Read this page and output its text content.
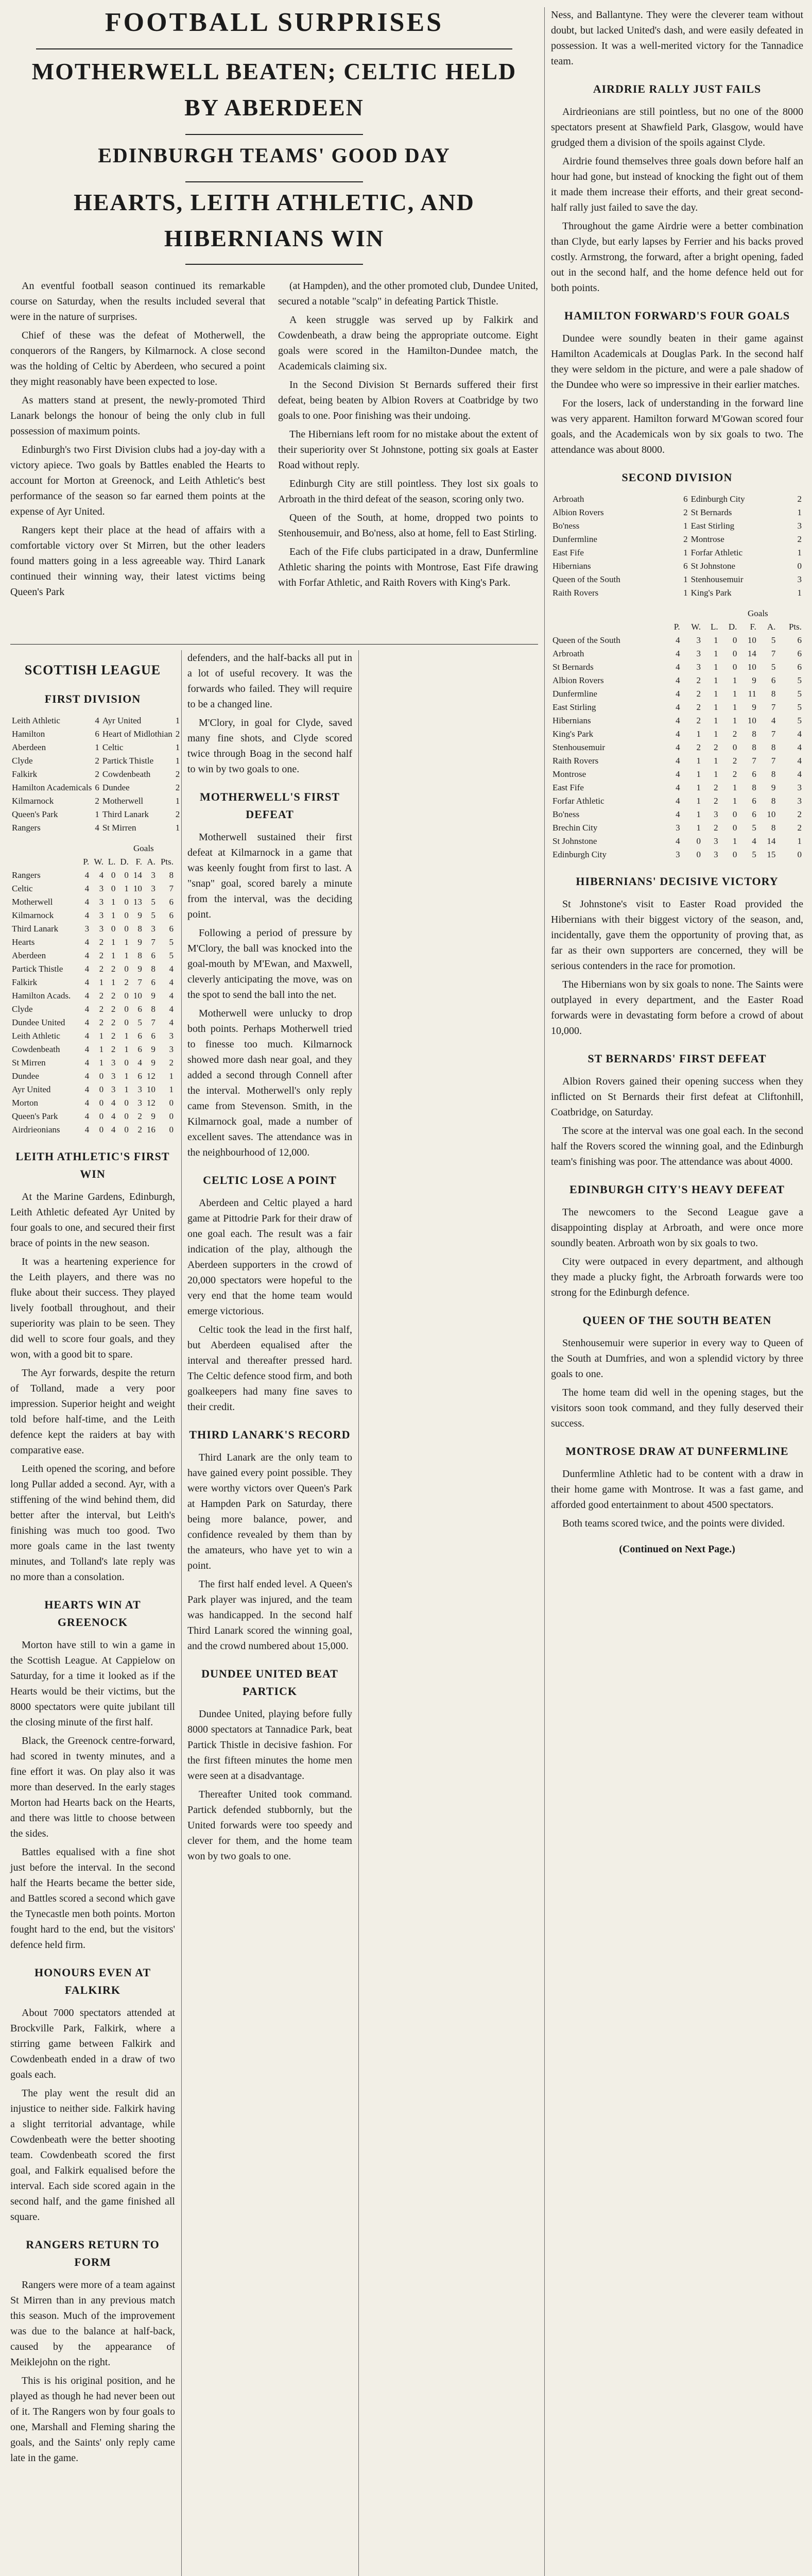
FOOTBALL SURPRISES
MOTHERWELL BEATEN; CELTIC HELD
BY ABERDEEN
EDINBURGH TEAMS' GOOD DAY
HEARTS, LEITH ATHLETIC, AND
HIBERNIANS WIN

An eventful football season continued its remarkable course on Saturday, when the results included several that were in the nature of surprises.

Chief of these was the defeat of Motherwell, the conquerors of the Rangers, by Kilmarnock. A close second was the holding of Celtic by Aberdeen, who secured a point they might reasonably have been expected to lose.

As matters stand at present, the newly-promoted Third Lanark belongs the honour of being the only club in full possession of maximum points.

Edinburgh's two First Division clubs had a joy-day with a victory apiece. Two goals by Battles enabled the Hearts to account for Morton at Greenock, and Leith Athletic's best performance of the season so far earned them points at the expense of Ayr United.

Rangers kept their place at the head of affairs with a comfortable victory over St Mirren, but the other leaders found matters going in a less agreeable way. Third Lanark continued their winning way, their latest victims being Queen's Park

(at Hampden), and the other promoted club, Dundee United, secured a notable "scalp" in defeating Partick Thistle.

A keen struggle was served up by Falkirk and Cowdenbeath, a draw being the appropriate outcome. Eight goals were scored in the Hamilton-Dundee match, the Academicals claiming six.

In the Second Division St Bernards suffered their first defeat, being beaten by Albion Rovers at Coatbridge by two goals to one. Poor finishing was their undoing.

The Hibernians left room for no mistake about the extent of their superiority over St Johnstone, potting six goals at Easter Road without reply.

Edinburgh City are still pointless. They lost six goals to Arbroath in the third defeat of the season, scoring only two.

Queen of the South, at home, dropped two points to Stenhousemuir, and Bo'ness, also at home, fell to East Stirling.

Each of the Fife clubs participated in a draw, Dunfermline Athletic sharing the points with Montrose, East Fife drawing with Forfar Athletic, and Raith Rovers with King's Park.

SCOTTISH LEAGUE
FIRST DIVISION
Leith Athletic	4	Ayr United	1
Hamilton	6	Heart of Midlothian	2
Aberdeen	1	Celtic	1
Clyde	2	Partick Thistle	1
Falkirk	2	Cowdenbeath	2
Hamilton Academicals	6	Dundee	2
Kilmarnock	2	Motherwell	1
Queen's Park	1	Third Lanark	2
Rangers	4	St Mirren	1
					Goals		
	P.	W.	L.	D.	F.	A.	Pts.
Rangers	4	4	0	0	14	3	8
Celtic	4	3	0	1	10	3	7
Motherwell	4	3	1	0	13	5	6
Kilmarnock	4	3	1	0	9	5	6
Third Lanark	3	3	0	0	8	3	6
Hearts	4	2	1	1	9	7	5
Aberdeen	4	2	1	1	8	6	5
Partick Thistle	4	2	2	0	9	8	4
Falkirk	4	1	1	2	7	6	4
Hamilton Acads.	4	2	2	0	10	9	4
Clyde	4	2	2	0	6	8	4
Dundee United	4	2	2	0	5	7	4
Leith Athletic	4	1	2	1	6	6	3
Cowdenbeath	4	1	2	1	6	9	3
St Mirren	4	1	3	0	4	9	2
Dundee	4	0	3	1	6	12	1
Ayr United	4	0	3	1	3	10	1
Morton	4	0	4	0	3	12	0
Queen's Park	4	0	4	0	2	9	0
Airdrieonians	4	0	4	0	2	16	0
LEITH ATHLETIC'S FIRST WIN

At the Marine Gardens, Edinburgh, Leith Athletic defeated Ayr United by four goals to one, and secured their first brace of points in the new season.

It was a heartening experience for the Leith players, and there was no fluke about their success. They played lively football throughout, and their superiority was plain to be seen. They did well to score four goals, and they won, with a good bit to spare.

The Ayr forwards, despite the return of Tolland, made a very poor impression. Superior height and weight told before half-time, and the Leith defence kept the raiders at bay with comparative ease.

Leith opened the scoring, and before long Pullar added a second. Ayr, with a stiffening of the wind behind them, did better after the interval, but Leith's finishing was much too good. Two more goals came in the last twenty minutes, and Tolland's late reply was no more than a consolation.

HEARTS WIN AT GREENOCK

Morton have still to win a game in the Scottish League. At Cappielow on Saturday, for a time it looked as if the Hearts would be their victims, but the 8000 spectators were quite jubilant till the closing minute of the first half.

Black, the Greenock centre-forward, had scored in twenty minutes, and a fine effort it was. On play also it was more than deserved. In the early stages Morton had Hearts back on the Hearts, and there was little to choose between the sides.

Battles equalised with a fine shot just before the interval. In the second half the Hearts became the better side, and Battles scored a second which gave the Tynecastle men both points. Morton fought hard to the end, but the visitors' defence held firm.

HONOURS EVEN AT FALKIRK

About 7000 spectators attended at Brockville Park, Falkirk, where a stirring game between Falkirk and Cowdenbeath ended in a draw of two goals each.

The play went the result did an injustice to neither side. Falkirk having a slight territorial advantage, while Cowdenbeath were the better shooting team. Cowdenbeath scored the first goal, and Falkirk equalised before the interval. Each side scored again in the second half, and the game finished all square.

RANGERS RETURN TO FORM

Rangers were more of a team against St Mirren than in any previous match this season. Much of the improvement was due to the balance at half-back, caused by the appearance of Meiklejohn on the right.

This is his original position, and he played as though he had never been out of it. The Rangers won by four goals to one, Marshall and Fleming sharing the goals, and the Saints' only reply came late in the game.

defenders, and the half-backs all put in a lot of useful recovery. It was the forwards who failed. They will require to be a changed line.

M'Clory, in goal for Clyde, saved many fine shots, and Clyde scored twice through Boag in the second half to win by two goals to one.

MOTHERWELL'S FIRST DEFEAT

Motherwell sustained their first defeat at Kilmarnock in a game that was keenly fought from first to last. A "snap" goal, scored barely a minute from the interval, was the deciding point.

Following a period of pressure by M'Clory, the ball was knocked into the goal-mouth by M'Ewan, and Maxwell, cleverly anticipating the move, was on the spot to send the ball into the net.

Motherwell were unlucky to drop both points. Perhaps Motherwell tried to finesse too much. Kilmarnock showed more dash near goal, and they added a second through Connell after the interval. Motherwell's only reply came from Stevenson. Smith, in the Kilmarnock goal, made a number of excellent saves. The attendance was in the neighbourhood of 12,000.

CELTIC LOSE A POINT

Aberdeen and Celtic played a hard game at Pittodrie Park for their draw of one goal each. The result was a fair indication of the play, although the Aberdeen supporters in the crowd of 20,000 spectators were hopeful to the very end that the home team would emerge victorious.

Celtic took the lead in the first half, but Aberdeen equalised after the interval and thereafter pressed hard. The Celtic defence stood firm, and both goalkeepers had many fine saves to their credit.

THIRD LANARK'S RECORD

Third Lanark are the only team to have gained every point possible. They were worthy victors over Queen's Park at Hampden Park on Saturday, there being more balance, power, and confidence revealed by them than by the amateurs, who have yet to win a point.

The first half ended level. A Queen's Park player was injured, and the team was handicapped. In the second half Third Lanark scored the winning goal, and the crowd numbered about 15,000.

DUNDEE UNITED BEAT PARTICK

Dundee United, playing before fully 8000 spectators at Tannadice Park, beat Partick Thistle in decisive fashion. For the first fifteen minutes the home men were seen at a disadvantage.

Thereafter United took command. Partick defended stubbornly, but the United forwards were too speedy and clever for them, and the home team won by two goals to one.

Ness, and Ballantyne. They were the cleverer team without doubt, but lacked United's dash, and were easily defeated in possession. It was a well-merited victory for the Tannadice team.

AIRDRIE RALLY JUST FAILS

Airdrieonians are still pointless, but no one of the 8000 spectators present at Shawfield Park, Glasgow, would have grudged them a division of the spoils against Clyde.

Airdrie found themselves three goals down before half an hour had gone, but instead of knocking the fight out of them it made them increase their efforts, and their great second-half rally just failed to save the day.

Throughout the game Airdrie were a better combination than Clyde, but early lapses by Ferrier and his backs proved costly. Armstrong, the forward, after a bright opening, faded out in the second half, and the home defence held out for both points.

HAMILTON FORWARD'S FOUR GOALS

Dundee were soundly beaten in their game against Hamilton Academicals at Douglas Park. In the second half they were seldom in the picture, and were a pale shadow of the Dundee who were so impressive in their earlier matches.

For the losers, lack of understanding in the forward line was very apparent. Hamilton forward M'Gowan scored four goals, and the Academicals won by six goals to two. The attendance was about 8000.

SECOND DIVISION
Arbroath	6	Edinburgh City	2
Albion Rovers	2	St Bernards	1
Bo'ness	1	East Stirling	3
Dunfermline	2	Montrose	2
East Fife	1	Forfar Athletic	1
Hibernians	6	St Johnstone	0
Queen of the South	1	Stenhousemuir	3
Raith Rovers	1	King's Park	1
					Goals		
	P.	W.	L.	D.	F.	A.	Pts.
Queen of the South	4	3	1	0	10	5	6
Arbroath	4	3	1	0	14	7	6
St Bernards	4	3	1	0	10	5	6
Albion Rovers	4	2	1	1	9	6	5
Dunfermline	4	2	1	1	11	8	5
East Stirling	4	2	1	1	9	7	5
Hibernians	4	2	1	1	10	4	5
King's Park	4	1	1	2	8	7	4
Stenhousemuir	4	2	2	0	8	8	4
Raith Rovers	4	1	1	2	7	7	4
Montrose	4	1	1	2	6	8	4
East Fife	4	1	2	1	8	9	3
Forfar Athletic	4	1	2	1	6	8	3
Bo'ness	4	1	3	0	6	10	2
Brechin City	3	1	2	0	5	8	2
St Johnstone	4	0	3	1	4	14	1
Edinburgh City	3	0	3	0	5	15	0
HIBERNIANS' DECISIVE VICTORY

St Johnstone's visit to Easter Road provided the Hibernians with their biggest victory of the season, and, incidentally, gave them the opportunity of proving that, as far as their own supporters are concerned, they will be serious contenders in the race for promotion.

The Hibernians won by six goals to none. The Saints were outplayed in every department, and the Easter Road forwards were in devastating form before a crowd of about 10,000.

ST BERNARDS' FIRST DEFEAT

Albion Rovers gained their opening success when they inflicted on St Bernards their first defeat at Cliftonhill, Coatbridge, on Saturday.

The score at the interval was one goal each. In the second half the Rovers scored the winning goal, and the Edinburgh team's finishing was poor. The attendance was about 4000.

EDINBURGH CITY'S HEAVY DEFEAT

The newcomers to the Second League gave a disappointing display at Arbroath, and were once more soundly beaten. Arbroath won by six goals to two.

City were outpaced in every department, and although they made a plucky fight, the Arbroath forwards were too strong for the Edinburgh defence.

QUEEN OF THE SOUTH BEATEN

Stenhousemuir were superior in every way to Queen of the South at Dumfries, and won a splendid victory by three goals to one.

The home team did well in the opening stages, but the visitors soon took command, and they fully deserved their success.

MONTROSE DRAW AT DUNFERMLINE

Dunfermline Athletic had to be content with a draw in their home game with Montrose. It was a fast game, and afforded good entertainment to about 4500 spectators.

Both teams scored twice, and the points were divided.

(Continued on Next Page.)
